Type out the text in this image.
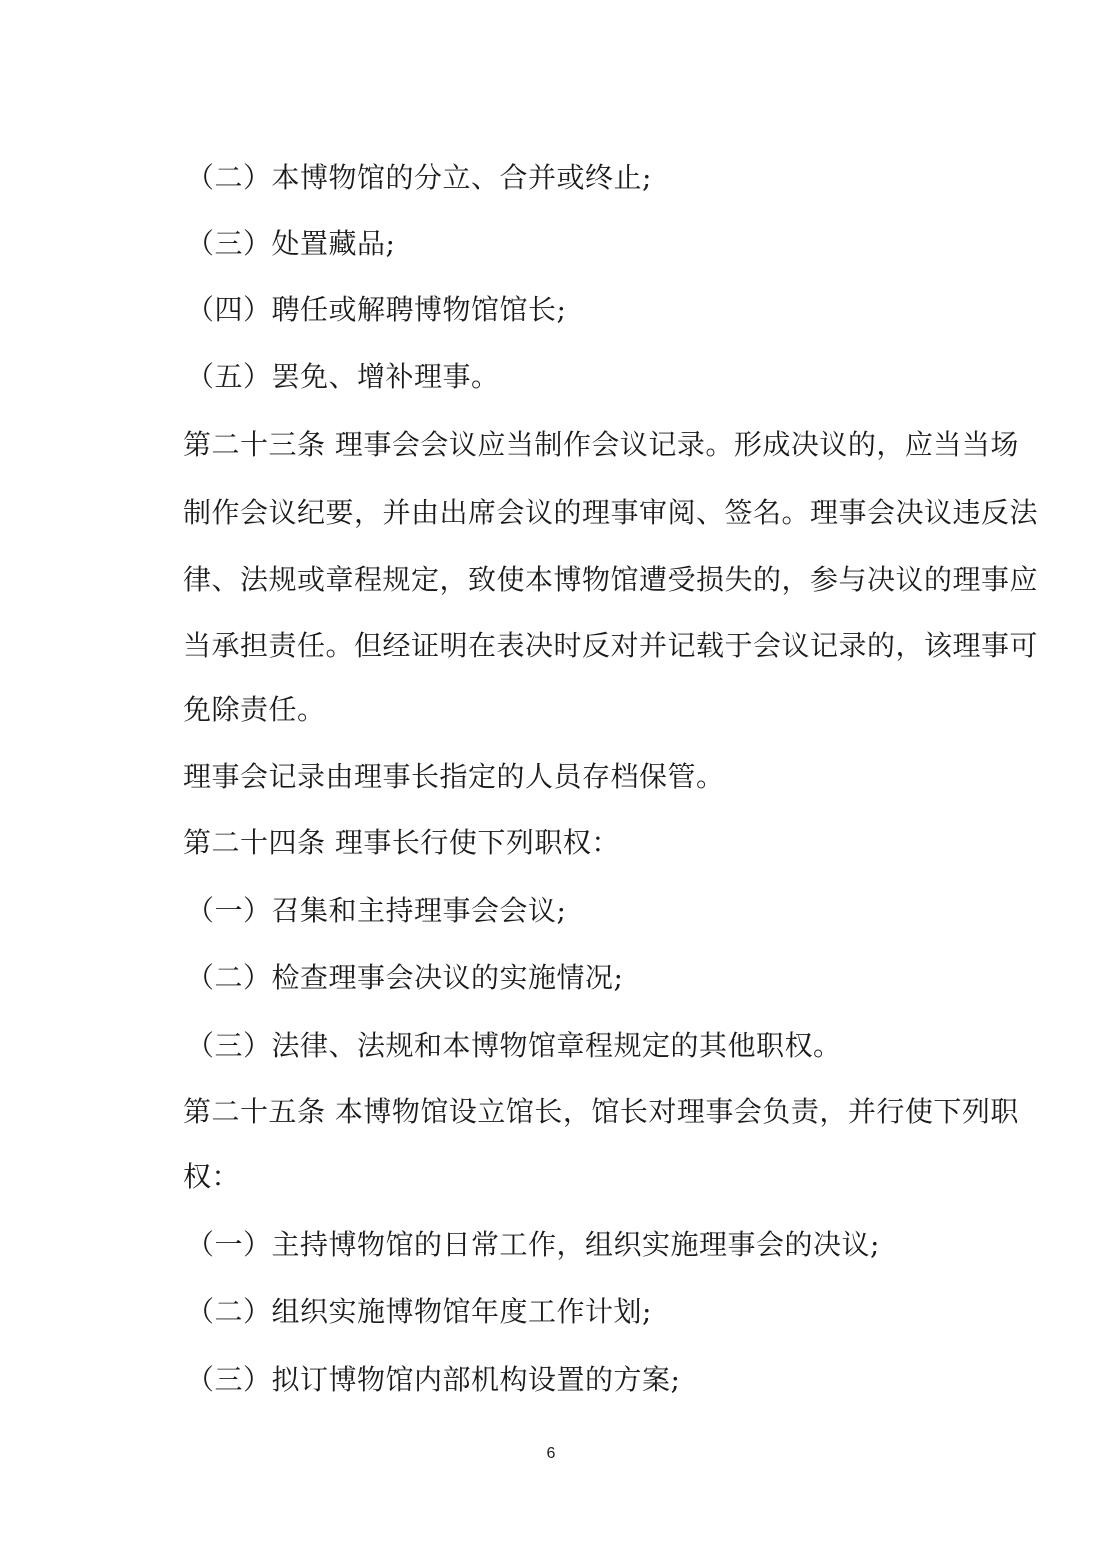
（二）本博物馆的分立、合并或终止;
（三）处置藏品;
（四）聘任或解聘博物馆馆长;
（五）罢免、增补理事。
第二十三条 理事会会议应当制作会议记录。形成决议的，应当当场
制作会议纪要，并由出席会议的理事审阅、签名。理事会决议违反法
律、法规或章程规定，致使本博物馆遭受损失的，参与决议的理事应
当承担责任。但经证明在表决时反对并记载于会议记录的，该理事可
免除责任。
理事会记录由理事长指定的人员存档保管。
第二十四条 理事长行使下列职权：
（一）召集和主持理事会会议;
（二）检查理事会决议的实施情况;
（三）法律、法规和本博物馆章程规定的其他职权。
第二十五条 本博物馆设立馆长，馆长对理事会负责，并行使下列职
权：
（一）主持博物馆的日常工作，组织实施理事会的决议;
（二）组织实施博物馆年度工作计划;
（三）拟订博物馆内部机构设置的方案;
6
